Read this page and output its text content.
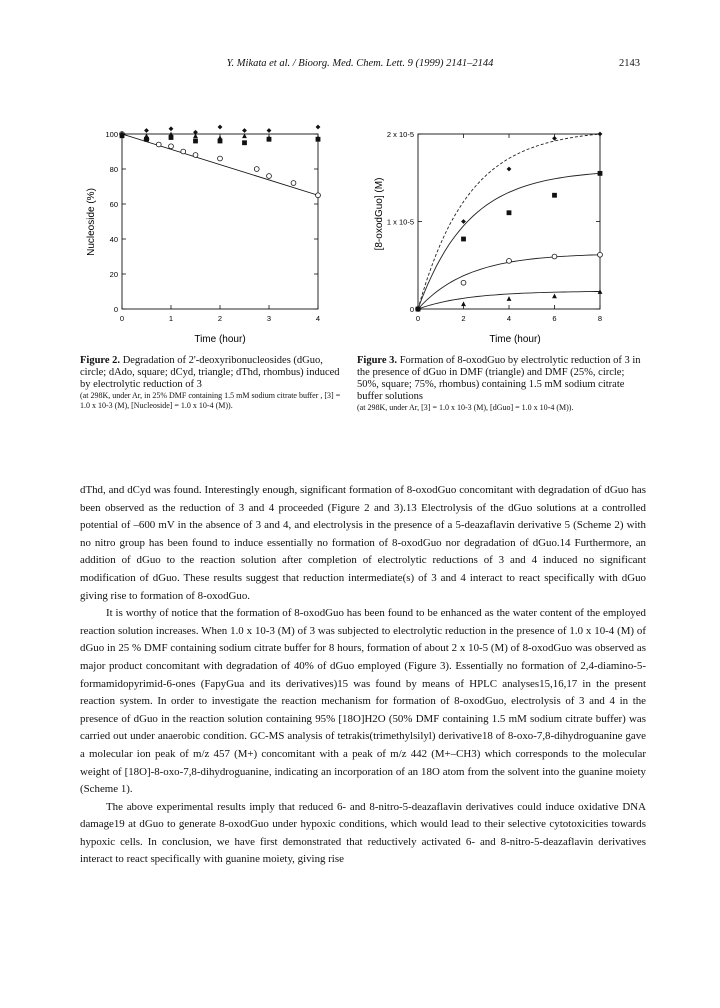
Y. Mikata et al. / Bioorg. Med. Chem. Lett. 9 (1999) 2141–2144	2143
0	1	2	3	4
0
20
40
60
80
100
Time (hour)
Nucleoside (%)
0	2	4	6	8
0
1 x 10-5
2 x 10-5
Time (hour)
[8-oxodGuo] (M)
Figure 2. Degradation of 2'-deoxyribonucleosides (dGuo, circle; dAdo, square; dCyd, triangle; dThd, rhombus) induced by electrolytic reduction of 3
(at 298K, under Ar, in 25% DMF containing 1.5 mM sodium citrate buffer , [3] = 1.0 x 10-3 (M), [Nucleoside] = 1.0 x 10-4 (M)).
Figure 3. Formation of 8-oxodGuo by electrolytic reduction of 3 in the presence of dGuo in DMF (triangle) and DMF (25%, circle; 50%, square; 75%, rhombus) containing 1.5 mM sodium citrate buffer solutions
(at 298K, under Ar, [3] = 1.0 x 10-3 (M), [dGuo] = 1.0 x 10-4 (M)).

dThd, and dCyd was found. Interestingly enough, significant formation of 8-oxodGuo concomitant with degradation of dGuo has been observed as the reduction of 3 and 4 proceeded (Figure 2 and 3).13 Electrolysis of the dGuo solutions at a controlled potential of –600 mV in the absence of 3 and 4, and electrolysis in the presence of a 5-deazaflavin derivative 5 (Scheme 2) with no nitro group has been found to induce essentially no formation of 8-oxodGuo nor degradation of dGuo.14 Furthermore, an addition of dGuo to the reaction solution after completion of electrolytic reductions of 3 and 4 induced no significant modification of dGuo. These results suggest that reduction intermediate(s) of 3 and 4 interact to react specifically with dGuo giving rise to formation of 8-oxodGuo.

It is worthy of notice that the formation of 8-oxodGuo has been found to be enhanced as the water content of the employed reaction solution increases. When 1.0 x 10-3 (M) of 3 was subjected to electrolytic reduction in the presence of 1.0 x 10-4 (M) of dGuo in 25 % DMF containing sodium citrate buffer for 8 hours, formation of about 2 x 10-5 (M) of 8-oxodGuo was observed as major product concomitant with degradation of 40% of dGuo employed (Figure 3). Essentially no formation of 2,4-diamino-5-formamidopyrimid-6-ones (FapyGua and its derivatives)15 was found by means of HPLC analyses15,16,17 in the present reaction system. In order to investigate the reaction mechanism for formation of 8-oxodGuo, electrolysis of 3 and 4 in the presence of dGuo in the reaction solution containing 95% [18O]H2O (50% DMF containing 1.5 mM sodium citrate buffer) was carried out under anaerobic condition. GC-MS analysis of tetrakis(trimethylsilyl) derivative18 of 8-oxo-7,8-dihydroguanine gave a molecular ion peak of m/z 457 (M+) concomitant with a peak of m/z 442 (M+–CH3) which corresponds to the molecular weight of [18O]-8-oxo-7,8-dihydroguanine, indicating an incorporation of an 18O atom from the solvent into the guanine moiety (Scheme 1).

The above experimental results imply that reduced 6- and 8-nitro-5-deazaflavin derivatives could induce oxidative DNA damage19 at dGuo to generate 8-oxodGuo under hypoxic conditions, which would lead to their selective cytotoxicities towards hypoxic cells. In conclusion, we have first demonstrated that reductively activated 6- and 8-nitro-5-deazaflavin derivatives interact to react specifically with guanine moiety, giving rise
